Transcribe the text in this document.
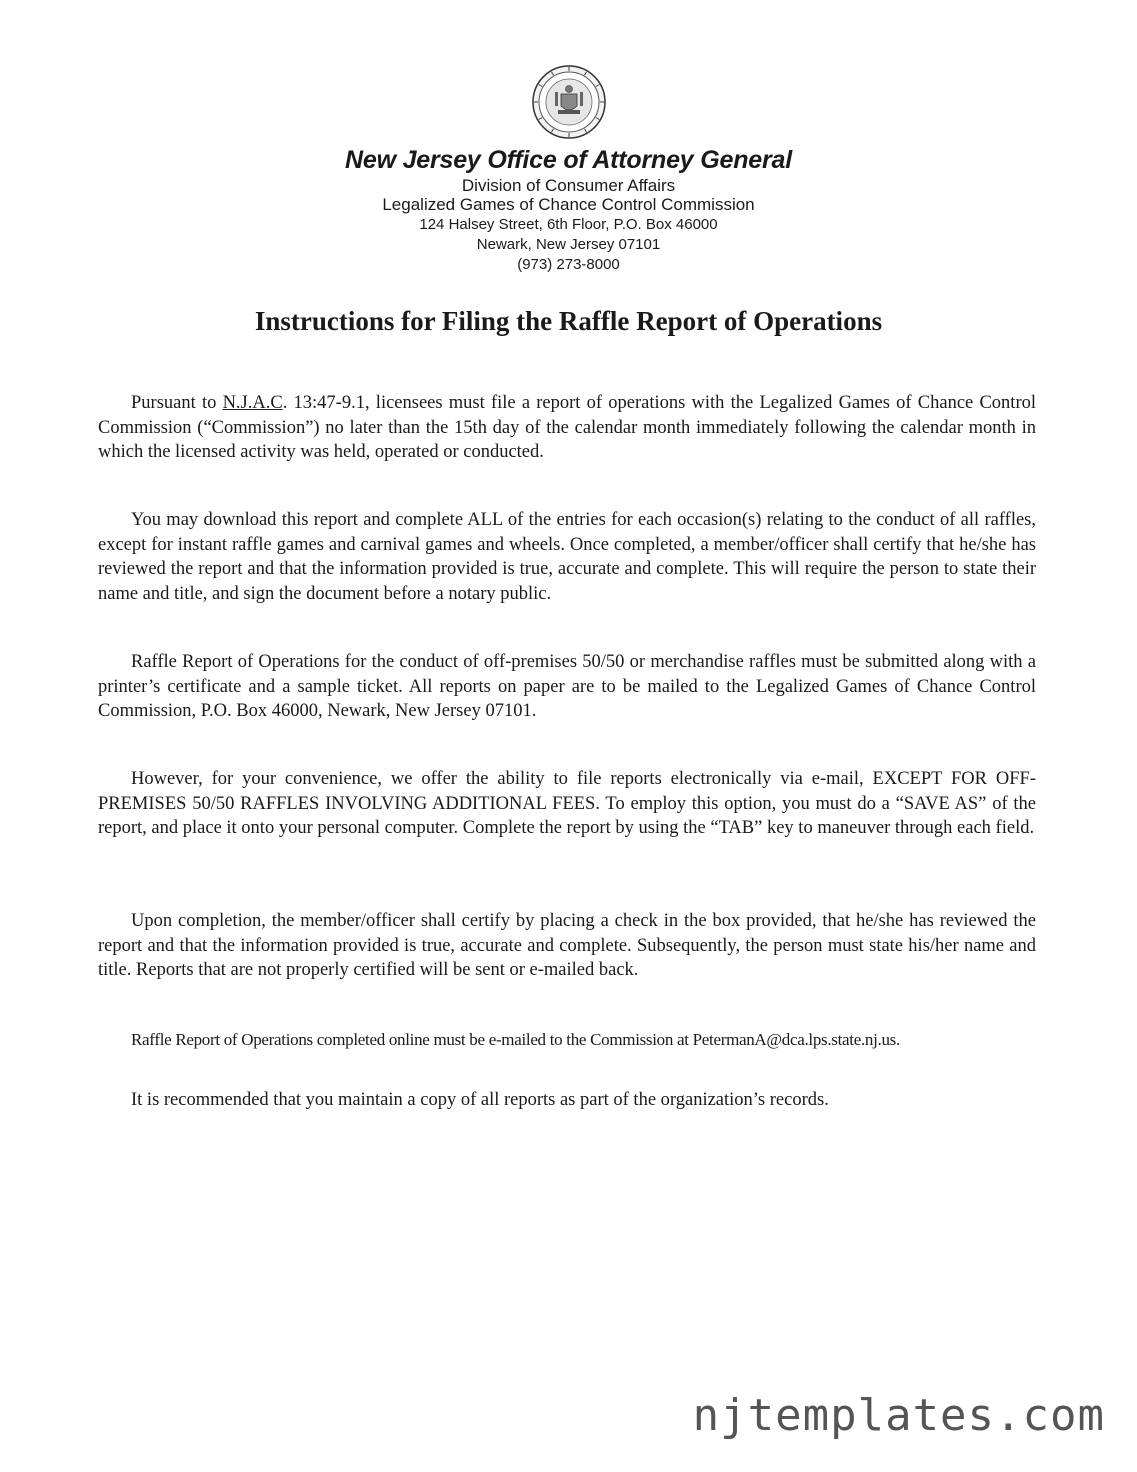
New Jersey Office of Attorney General
Division of Consumer Affairs
Legalized Games of Chance Control Commission
124 Halsey Street, 6th Floor, P.O. Box 46000
Newark, New Jersey 07101
(973) 273-8000
Instructions for Filing the Raffle Report of Operations

Pursuant to N.J.A.C. 13:47-9.1, licensees must file a report of operations with the Legalized Games of Chance Control Commission (“Commission”) no later than the 15th day of the calendar month immediately following the calendar month in which the licensed activity was held, operated or conducted.

You may download this report and complete ALL of the entries for each occasion(s) relating to the conduct of all raffles, except for instant raffle games and carnival games and wheels. Once completed, a member/officer shall certify that he/she has reviewed the report and that the information provided is true, accurate and complete. This will require the person to state their name and title, and sign the document before a notary public.

Raffle Report of Operations for the conduct of off-premises 50/50 or merchandise raffles must be submitted along with a printer’s certificate and a sample ticket. All reports on paper are to be mailed to the Legalized Games of Chance Control Commission, P.O. Box 46000, Newark, New Jersey 07101.

However, for your convenience, we offer the ability to file reports electronically via e-mail, EXCEPT FOR OFF-PREMISES 50/50 RAFFLES INVOLVING ADDITIONAL FEES. To employ this option, you must do a “SAVE AS” of the report, and place it onto your personal computer. Complete the report by using the “TAB” key to maneuver through each field.

Upon completion, the member/officer shall certify by placing a check in the box provided, that he/she has reviewed the report and that the information provided is true, accurate and complete. Subsequently, the person must state his/her name and title. Reports that are not properly certified will be sent or e-mailed back.

Raffle Report of Operations completed online must be e-mailed to the Commission at PetermanA@dca.lps.state.nj.us.

It is recommended that you maintain a copy of all reports as part of the organization’s records.

njtemplates.com
